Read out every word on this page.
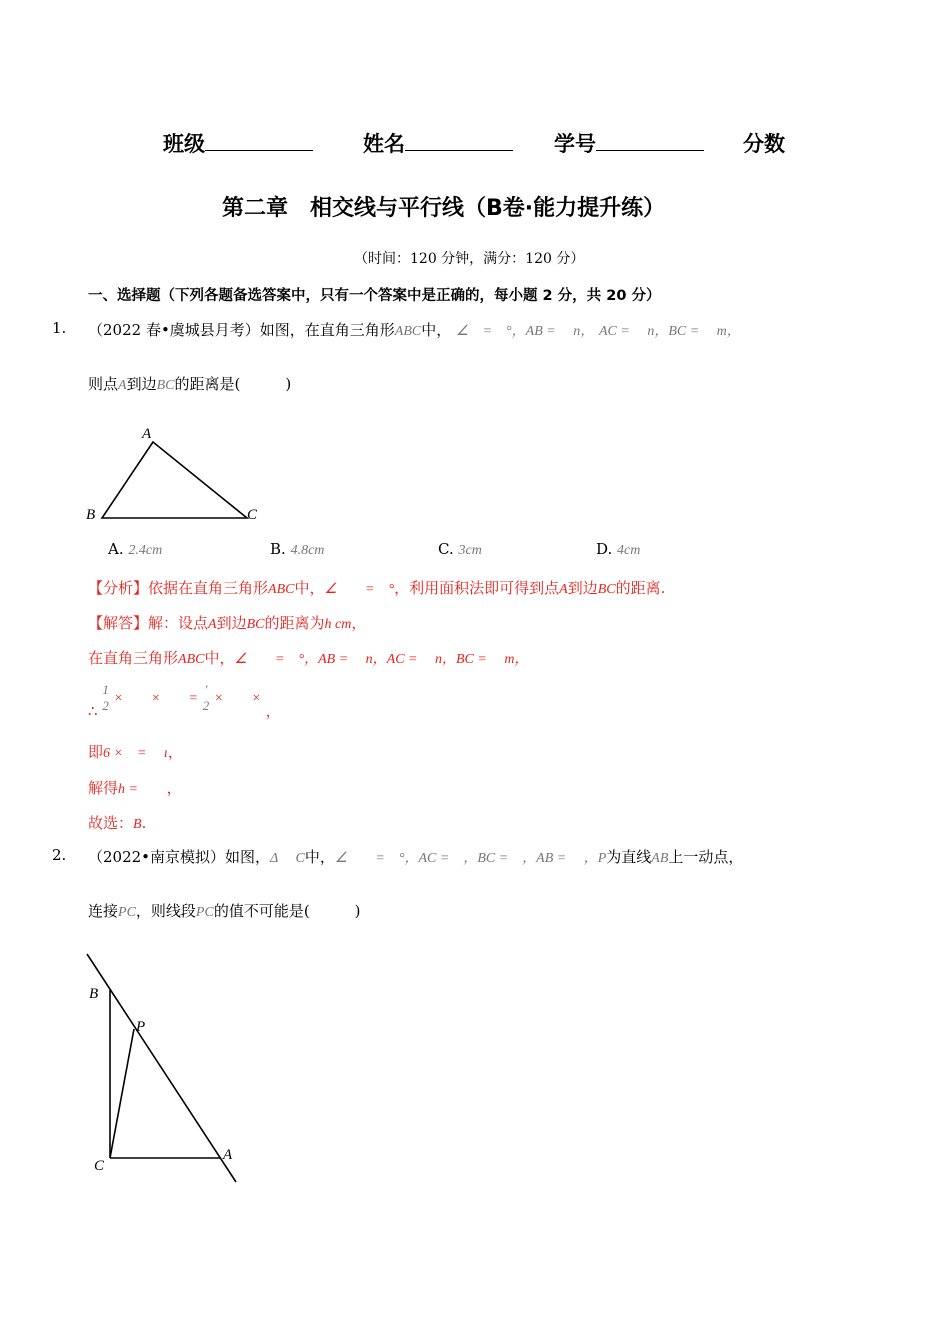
班级	姓名	学号	分数
第二章　相交线与平行线（B卷·能力提升练）
（时间：120 分钟，满分：120 分）
一、选择题（下列各题备选答案中，只有一个答案中是正确的，每小题 2 分，共 20 分）
1. （2022 春•虞城县月考）如图，在直角三角形ABC中， ∠　=　°，AB =　 n， AC =　 n，BC =　 m，
则点A到边BC的距离是(　　　)
A
B	C
A. 2.4cm	B. 4.8cm	C. 3cm	D. 4cm
【分析】依据在直角三角形ABC中，∠　　=　°，利用面积法即可得到点A到边BC的距离.
【解答】解：设点A到边BC的距离为h cm，
在直角三角形ABC中，∠　　=　°，AB =　 n，AC =　 n，BC =　 m，
∴ 1
2 ×　　×　　= '
2 ×　　× ，
即6 ×　=　 ı，
解得h = ，
故选：B.
2. （2022•南京模拟）如图，Δ　 C中，∠　　=　°，AC =　，BC =　，AB =　 ，P为直线AB上一动点，
连接PC，则线段PC的值不可能是(　　　)
B
P
C
A
